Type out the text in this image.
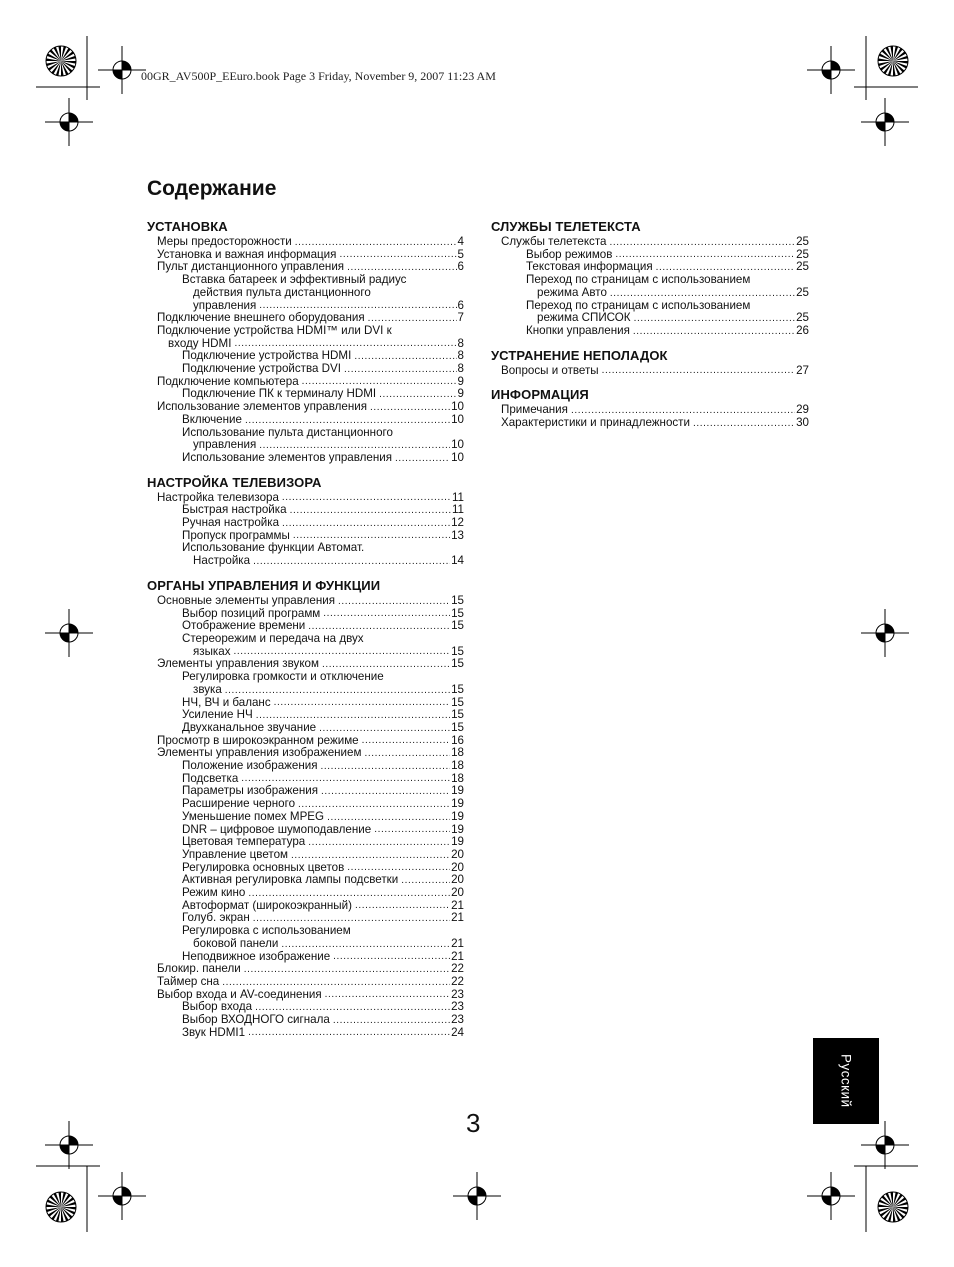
00GR_AV500P_EEuro.book Page 3 Friday, November 9, 2007 11:23 AM
Содержание
УСТАНОВКА
Меры предосторожности .....	4
Установка и важная информация .....	5
Пульт дистанционного управления .....	6
Вставка батареек и эффективный радиус
действия пульта дистанционного
управления .....	6
Подключение внешнего оборудования .....	7
Подключение устройства HDMI™ или DVI к
входу HDMI .....	8
Подключение устройства HDMI .....	8
Подключение устройства DVI .....	8
Подключение компьютера .....	9
Подключение ПК к терминалу HDMI .....	9
Использование элементов управления .....	10
Включение .....	10
Использование пульта дистанционного
управления .....	10
Использование элементов управления .....	10
НАСТРОЙКА ТЕЛЕВИЗОРА
Настройка телевизора .....	11
Быстрая настройка .....	11
Ручная настройка .....	12
Пропуск программы .....	13
Использование функции Автомат.
Настройка .....	14
ОРГАНЫ УПРАВЛЕНИЯ И ФУНКЦИИ
Основные элементы управления .....	15
Выбор позиций программ .....	15
Отображение времени .....	15
Стереорежим и передача на двух
языках .....	15
Элементы управления звуком .....	15
Регулировка громкости и отключение
звука .....	15
НЧ, ВЧ и баланс .....	15
Усиление НЧ .....	15
Двухканальное звучание .....	15
Просмотр в широкоэкранном режиме .....	16
Элементы управления изображением .....	18
Положение изображения .....	18
Подсветка .....	18
Параметры изображения .....	19
Расширение черного .....	19
Уменьшение помех MPEG .....	19
DNR – цифровое шумоподавление .....	19
Цветовая температура .....	19
Управление цветом .....	20
Регулировка основных цветов .....	20
Активная регулировка лампы подсветки .....	20
Режим кино .....	20
Автоформат (широкоэкранный) .....	21
Голуб. экран .....	21
Регулировка с использованием
боковой панели .....	21
Неподвижное изображение .....	21
Блокир. панели .....	22
Таймер сна .....	22
Выбор входа и AV-соединения .....	23
Выбор входа .....	23
Выбор ВХОДНОГО сигнала .....	23
Звук HDMI1 .....	24
СЛУЖБЫ ТЕЛЕТЕКСТА
Службы телетекста .....	25
Выбор режимов .....	25
Текстовая информация .....	25
Переход по страницам с использованием
режима Авто .....	25
Переход по страницам с использованием
режима СПИСОК .....	25
Кнопки управления .....	26
УСТРАНЕНИЕ НЕПОЛАДОК
Вопросы и ответы .....	27
ИНФОРМАЦИЯ
Примечания .....	29
Характеристики и принадлежности .....	30
Русский
3
